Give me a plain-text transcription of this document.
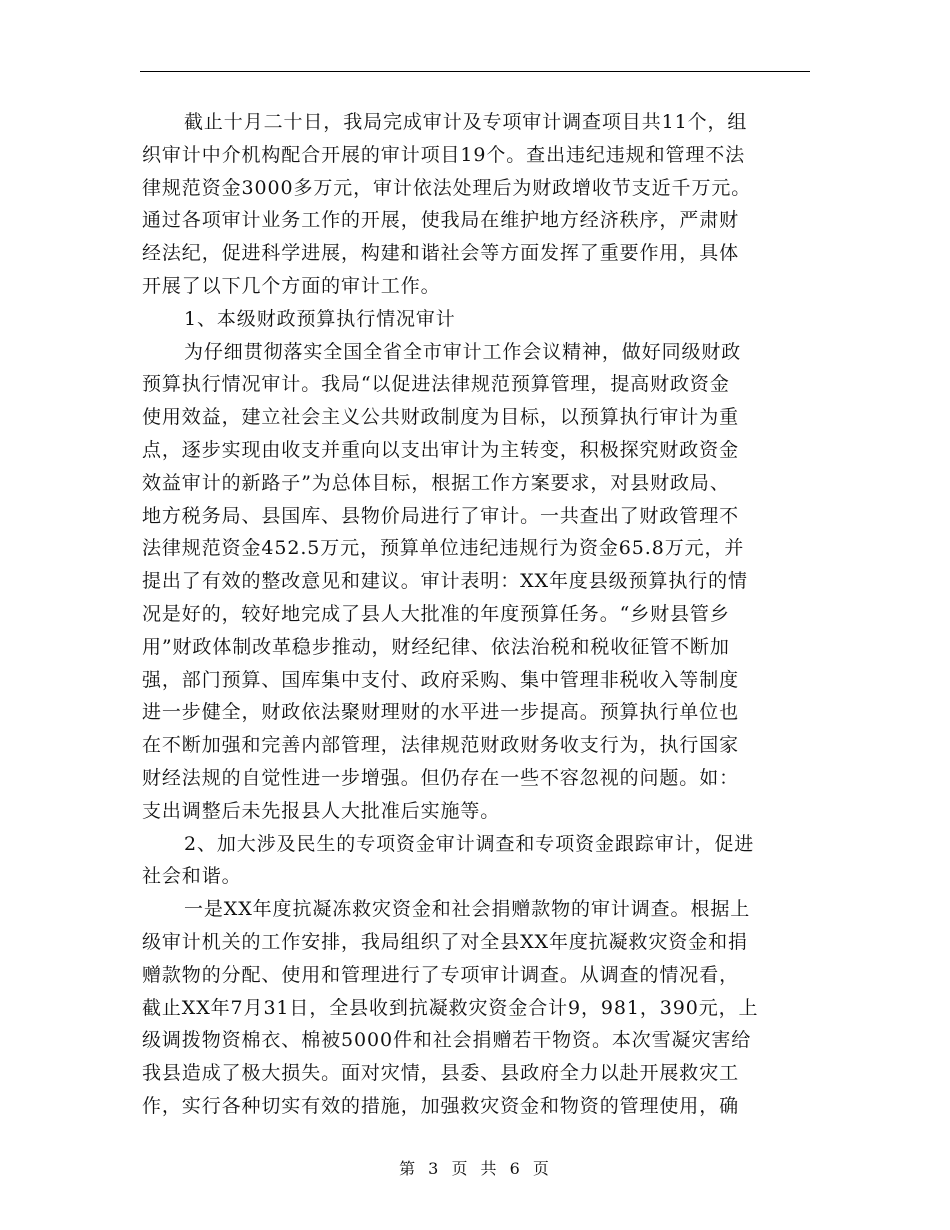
截止十月二十日，我局完成审计及专项审计调查项目共11个，组
织审计中介机构配合开展的审计项目19个。查出违纪违规和管理不法
律规范资金3000多万元，审计依法处理后为财政增收节支近千万元。
通过各项审计业务工作的开展，使我局在维护地方经济秩序，严肃财
经法纪，促进科学进展，构建和谐社会等方面发挥了重要作用，具体
开展了以下几个方面的审计工作。
1、本级财政预算执行情况审计
为仔细贯彻落实全国全省全市审计工作会议精神，做好同级财政
预算执行情况审计。我局“以促进法律规范预算管理，提高财政资金
使用效益，建立社会主义公共财政制度为目标，以预算执行审计为重
点，逐步实现由收支并重向以支出审计为主转变，积极探究财政资金
效益审计的新路子”为总体目标，根据工作方案要求，对县财政局、
地方税务局、县国库、县物价局进行了审计。一共查出了财政管理不
法律规范资金452.5万元，预算单位违纪违规行为资金65.8万元，并
提出了有效的整改意见和建议。审计表明：XX年度县级预算执行的情
况是好的，较好地完成了县人大批准的年度预算任务。“乡财县管乡
用”财政体制改革稳步推动，财经纪律、依法治税和税收征管不断加
强，部门预算、国库集中支付、政府采购、集中管理非税收入等制度
进一步健全，财政依法聚财理财的水平进一步提高。预算执行单位也
在不断加强和完善内部管理，法律规范财政财务收支行为，执行国家
财经法规的自觉性进一步增强。但仍存在一些不容忽视的问题。如：
支出调整后未先报县人大批准后实施等。
2、加大涉及民生的专项资金审计调查和专项资金跟踪审计，促进
社会和谐。
一是XX年度抗凝冻救灾资金和社会捐赠款物的审计调查。根据上
级审计机关的工作安排，我局组织了对全县XX年度抗凝救灾资金和捐
赠款物的分配、使用和管理进行了专项审计调查。从调查的情况看，
截止XX年7月31日，全县收到抗凝救灾资金合计9，981，390元，上
级调拨物资棉衣、棉被5000件和社会捐赠若干物资。本次雪凝灾害给
我县造成了极大损失。面对灾情，县委、县政府全力以赴开展救灾工
作，实行各种切实有效的措施，加强救灾资金和物资的管理使用，确
第 3 页 共 6 页
